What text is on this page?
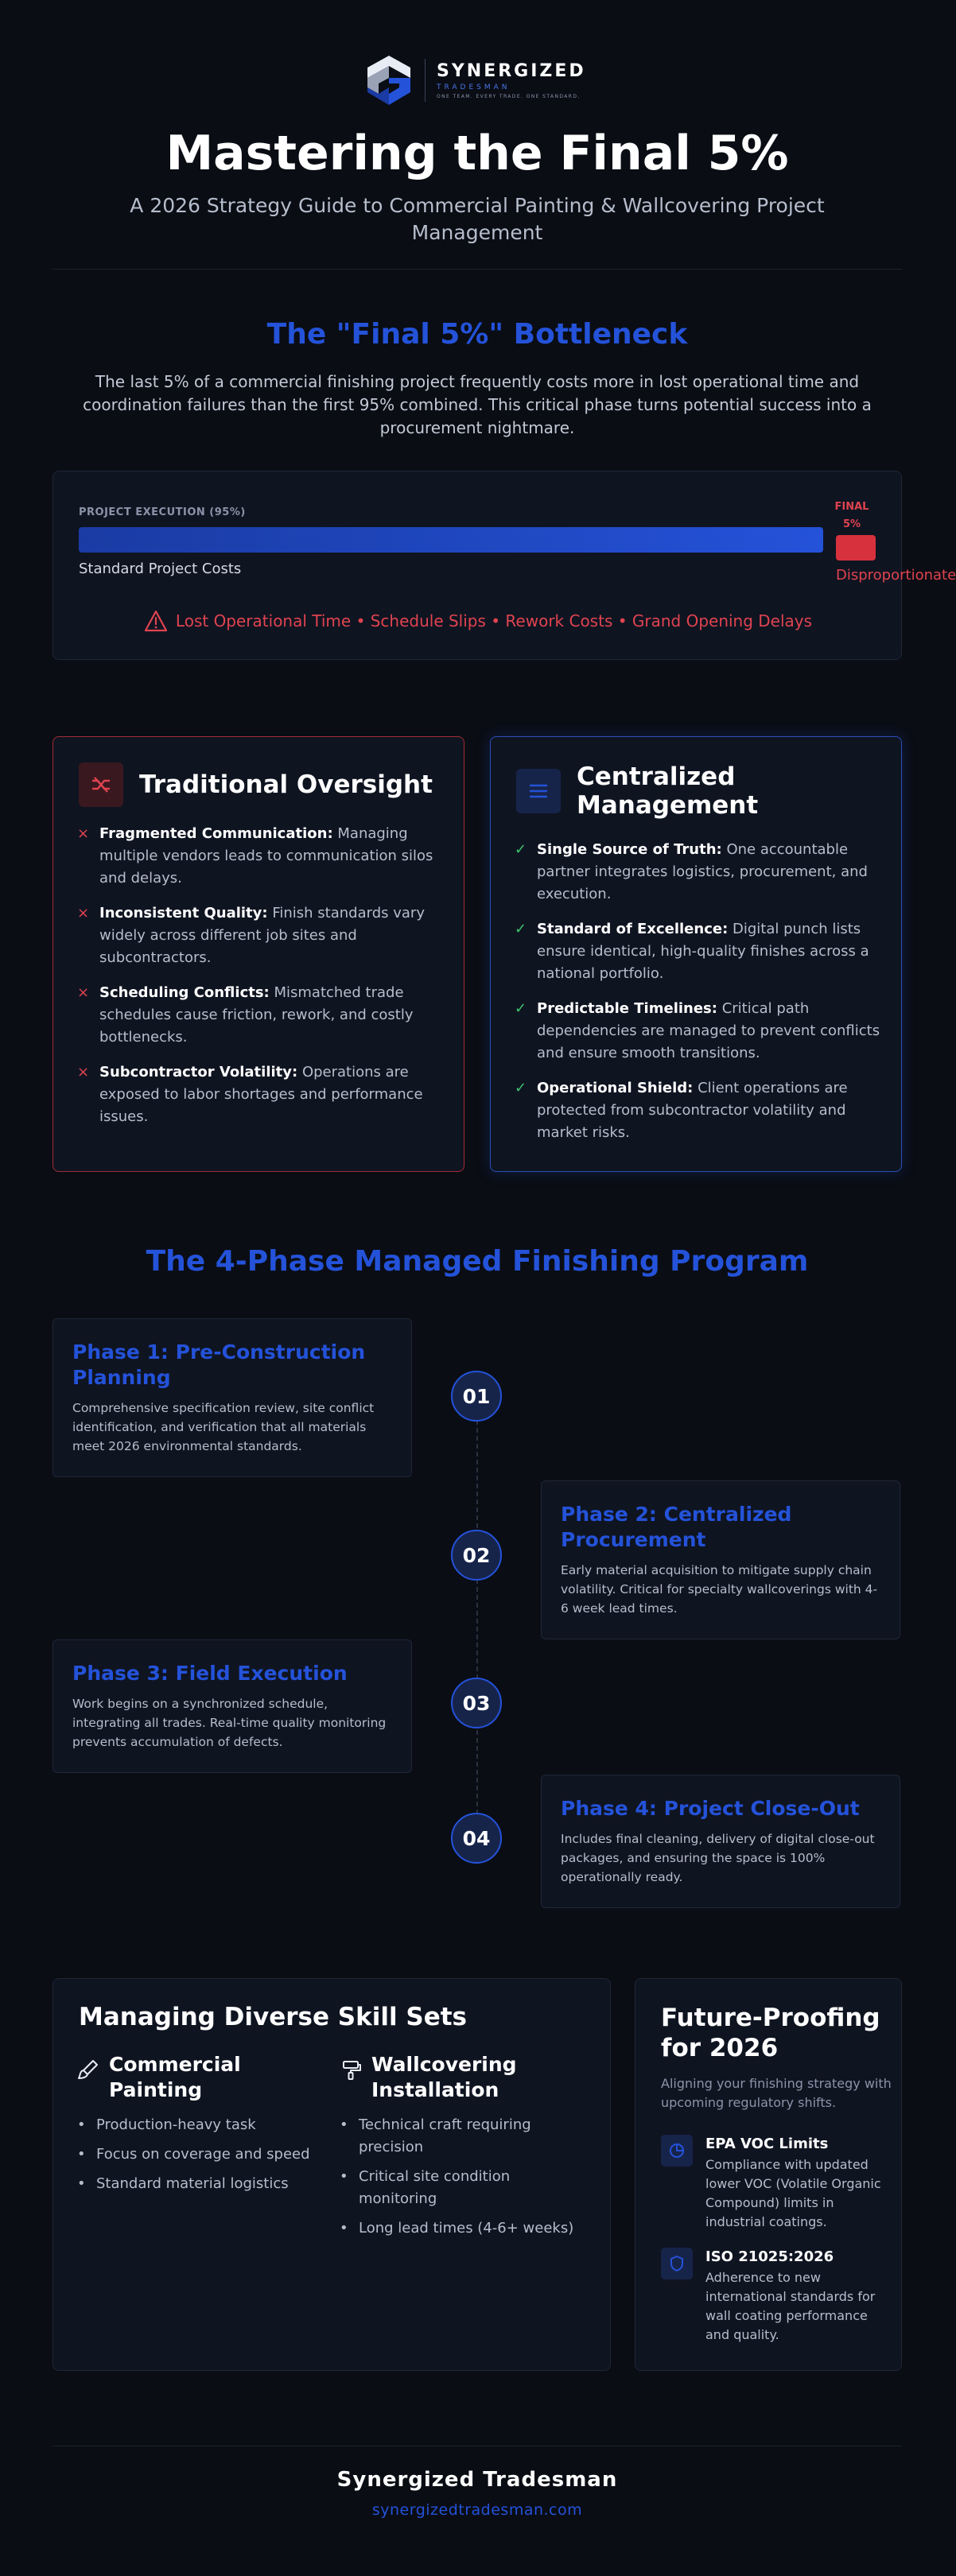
SYNERGIZED
TRADESMAN
ONE TEAM. EVERY TRADE. ONE STANDARD.
Mastering the Final 5%

A 2026 Strategy Guide to Commercial Painting & Wallcovering Project Management

The "Final 5%" Bottleneck

The last 5% of a commercial finishing project frequently costs more in lost operational time and coordination failures than the first 95% combined. This critical phase turns potential success into a procurement nightmare.

PROJECT EXECUTION (95%)
Standard Project Costs
FINAL 5%
Disproportionate
Lost Operational Time • Schedule Slips • Rework Costs • Grand Opening Delays
Traditional Oversight
× Fragmented Communication: Managing multiple vendors leads to communication silos and delays.
× Inconsistent Quality: Finish standards vary widely across different job sites and subcontractors.
× Scheduling Conflicts: Mismatched trade schedules cause friction, rework, and costly bottlenecks.
× Subcontractor Volatility: Operations are exposed to labor shortages and performance issues.
Centralized Management
✓ Single Source of Truth: One accountable partner integrates logistics, procurement, and execution.
✓ Standard of Excellence: Digital punch lists ensure identical, high-quality finishes across a national portfolio.
✓ Predictable Timelines: Critical path dependencies are managed to prevent conflicts and ensure smooth transitions.
✓ Operational Shield: Client operations are protected from subcontractor volatility and market risks.
The 4-Phase Managed Finishing Program
Phase 1: Pre-Construction Planning
Comprehensive specification review, site conflict identification, and verification that all materials meet 2026 environmental standards.
01
Phase 2: Centralized Procurement
Early material acquisition to mitigate supply chain volatility. Critical for specialty wallcoverings with 4-6 week lead times.
02
Phase 3: Field Execution
Work begins on a synchronized schedule, integrating all trades. Real-time quality monitoring prevents accumulation of defects.
03
Phase 4: Project Close-Out
Includes final cleaning, delivery of digital close-out packages, and ensuring the space is 100% operationally ready.
04
Managing Diverse Skill Sets
Commercial Painting
• Production-heavy task
• Focus on coverage and speed
• Standard material logistics
Wallcovering Installation
• Technical craft requiring precision
• Critical site condition monitoring
• Long lead times (4-6+ weeks)
Future-Proofing for 2026
Aligning your finishing strategy with upcoming regulatory shifts.
EPA VOC Limits
Compliance with updated lower VOC (Volatile Organic Compound) limits in industrial coatings.
ISO 21025:2026
Adherence to new international standards for wall coating performance and quality.
Synergized Tradesman
synergizedtradesman.com
